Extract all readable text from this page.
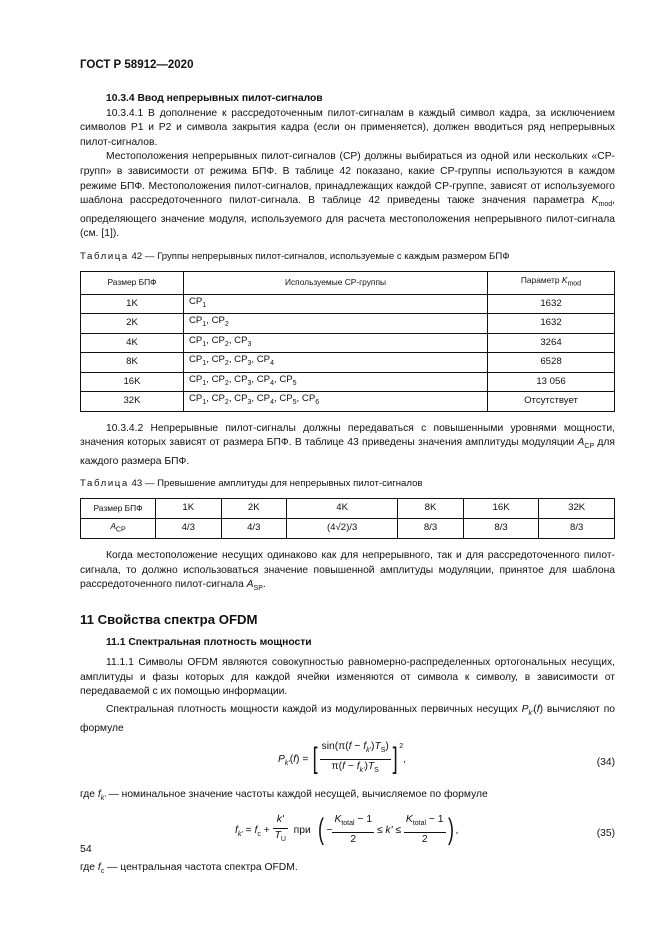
ГОСТ Р 58912—2020
10.3.4 Ввод непрерывных пилот-сигналов

10.3.4.1 В дополнение к рассредоточенным пилот-сигналам в каждый символ кадра, за исключением символов P1 и P2 и символа закрытия кадра (если он применяется), должен вводиться ряд непрерывных пилот-сигналов.

Местоположения непрерывных пилот-сигналов (CP) должны выбираться из одной или нескольких «CP-групп» в зависимости от режима БПФ. В таблице 42 показано, какие CP-группы используются в каждом режиме БПФ. Местоположения пилот-сигналов, принадлежащих каждой CP-группе, зависят от используемого шаблона рассредоточенного пилот-сигнала. В таблице 42 приведены также значения параметра $K_{mod}$, определяющего значение модуля, используемого для расчета местоположения непрерывного пилот-сигнала (см. [1]).

Таблица 42 — Группы непрерывных пилот-сигналов, используемые с каждым размером БПФ
Размер БПФ	Используемые CP-группы	Параметр $K_{mod}$
1K	$CP_1$	1632
2K	$CP_1$, $CP_2$	1632
4K	$CP_1$, $CP_2$, $CP_3$	3264
8K	$CP_1$, $CP_2$, $CP_3$, $CP_4$	6528
16K	$CP_1$, $CP_2$, $CP_3$, $CP_4$, $CP_5$	13 056
32K	$CP_1$, $CP_2$, $CP_3$, $CP_4$, $CP_5$, $CP_6$	Отсутствует

10.3.4.2 Непрерывные пилот-сигналы должны передаваться с повышенными уровнями мощности, значения которых зависят от размера БПФ. В таблице 43 приведены значения амплитуды модуляции $A_{CP}$ для каждого размера БПФ.

Таблица 43 — Превышение амплитуды для непрерывных пилот-сигналов
Размер БПФ	1K	2K	4K	8K	16K	32K
$A_{CP}$	4/3	4/3	(4√2)/3	8/3	8/3	8/3

Когда местоположение несущих одинаково как для непрерывного, так и для рассредоточенного пилот-сигнала, то должно использоваться значение повышенной амплитуды модуляции, принятое для шаблона рассредоточенного пилот-сигнала $A_{SP}$.

11 Свойства спектра OFDM
11.1 Спектральная плотность мощности

11.1.1 Символы OFDM являются совокупностью равномерно-распределенных ортогональных несущих, амплитуды и фазы которых для каждой ячейки изменяются от символа к символу, в зависимости от передаваемой с их помощью информации.

Спектральная плотность мощности каждой из модулированных первичных несущих $P_{k'}(f)$ вычисляют по формуле

$P_{k'}(f)$ = [ $\frac{\sin(\pi(f - f_{k'})T_S)}{\pi(f - f_{k'})T_S}$ ] $^2$,	(34)

где $f_{k'}$ — номинальное значение частоты каждой несущей, вычисляемое по формуле

$f_{k'} = f_c + \frac{k'}{T_U}$ при  ( −
$K_{total} - 1$
2
≤ k' ≤
$K_{total} - 1$
2 ) ,	(35)

где $f_c$ — центральная частота спектра OFDM.

54
